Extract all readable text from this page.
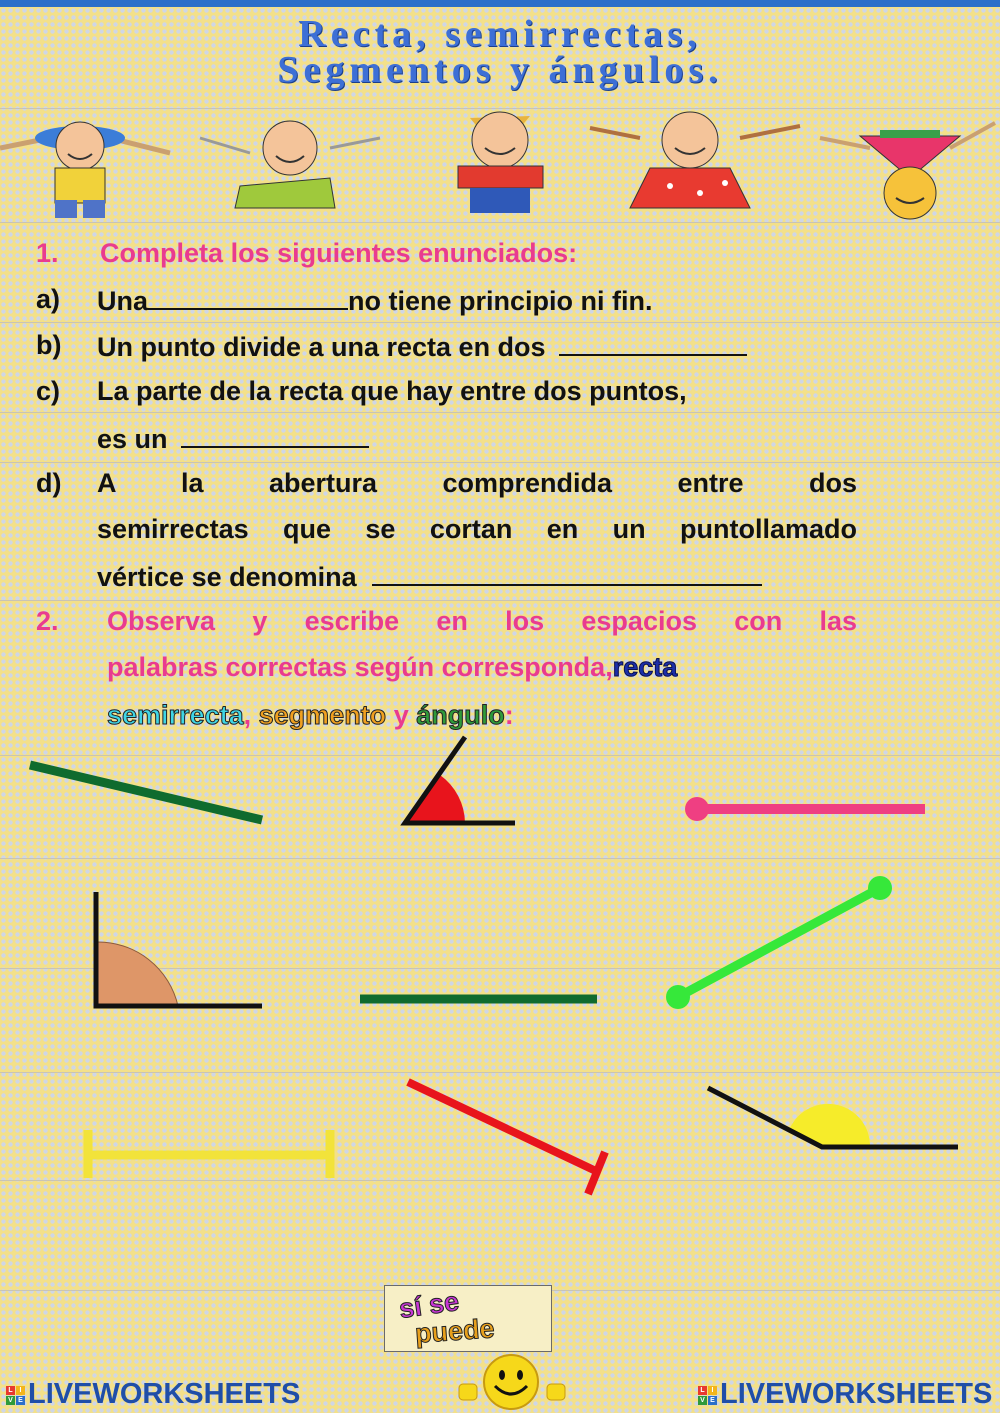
Recta, semirrectas,
Segmentos y ángulos.
1. Completa los siguientes enunciados:
a) Una	no tiene principio ni fin.
b) Un punto divide a una recta en dos
c) La parte de la recta que hay entre dos puntos,
es un
d) A la abertura comprendida entre dos
semirrectas que se cortan en un puntollamado
vértice se denomina
2. Observa y escribe en los espacios con las
palabras correctas según corresponda,recta
semirrecta, segmento y ángulo:
sí se
puede
L I
V E LIVEWORKSHEETS	L I
V E LIVEWORKSHEETS
